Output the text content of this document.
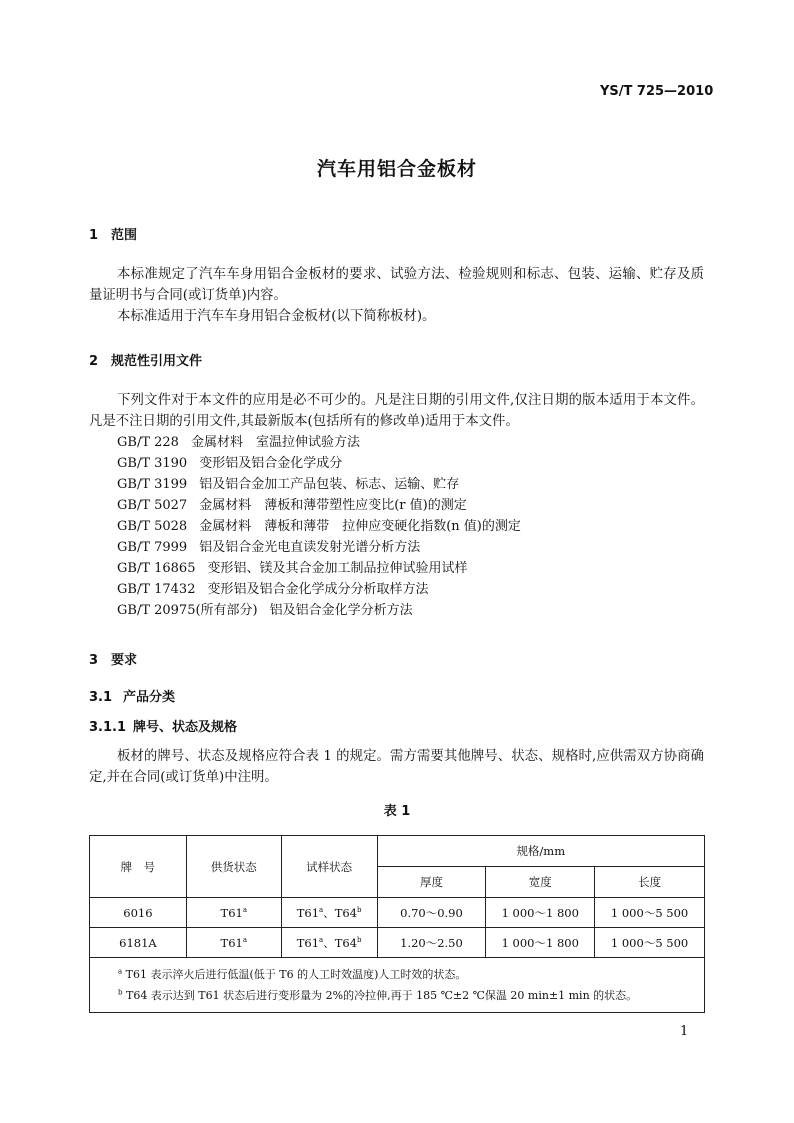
YS/T 725—2010
汽车用铝合金板材
1 范围
本标准规定了汽车车身用铝合金板材的要求、试验方法、检验规则和标志、包装、运输、贮存及质量证明书与合同(或订货单)内容。
本标准适用于汽车车身用铝合金板材(以下简称板材)。
2 规范性引用文件
下列文件对于本文件的应用是必不可少的。凡是注日期的引用文件,仅注日期的版本适用于本文件。凡是不注日期的引用文件,其最新版本(包括所有的修改单)适用于本文件。
GB/T 228 金属材料　室温拉伸试验方法
GB/T 3190 变形铝及铝合金化学成分
GB/T 3199 铝及铝合金加工产品包装、标志、运输、贮存
GB/T 5027 金属材料　薄板和薄带塑性应变比(r 值)的测定
GB/T 5028 金属材料　薄板和薄带　拉伸应变硬化指数(n 值)的测定
GB/T 7999 铝及铝合金光电直读发射光谱分析方法
GB/T 16865 变形铝、镁及其合金加工制品拉伸试验用试样
GB/T 17432 变形铝及铝合金化学成分分析取样方法
GB/T 20975(所有部分) 铝及铝合金化学分析方法
3 要求
3.1 产品分类
3.1.1 牌号、状态及规格
板材的牌号、状态及规格应符合表 1 的规定。需方需要其他牌号、状态、规格时,应供需双方协商确定,并在合同(或订货单)中注明。
表 1
牌　号	供货状态	试样状态	规格/mm		
			厚度	宽度	长度
6016	T61$^a$	T61$^a$、T64$^b$	0.70～0.90	1 000～1 800	1 000～5 500
6181A	T61$^a$	T61$^a$、T64$^b$	1.20～2.50	1 000～1 800	1 000～5 500

$^a$ T61 表示淬火后进行低温(低于 T6 的人工时效温度)人工时效的状态。
$^b$ T64 表示达到 T61 状态后进行变形量为 2%的冷拉伸,再于 185 ℃±2 ℃保温 20 min±1 min 的状态。					
1
